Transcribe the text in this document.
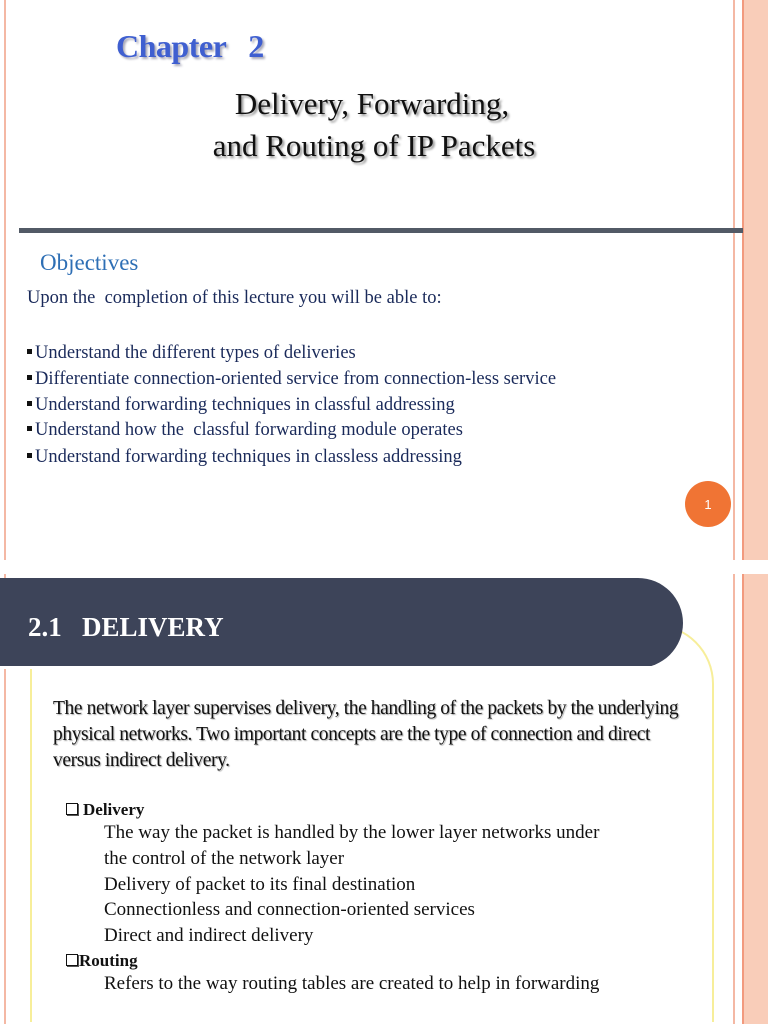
Chapter   2
Delivery, Forwarding,
and Routing of IP Packets
Objectives
Upon the  completion of this lecture you will be able to:
Understand the different types of deliveries
Differentiate connection-oriented service from connection-less service
Understand forwarding techniques in classful addressing
Understand how the  classful forwarding module operates
Understand forwarding techniques in classless addressing
1
2.1   DELIVERY
The network layer supervises delivery, the handling of the packets by the underlying physical networks. Two important concepts are the type of connection and direct versus indirect delivery.
Delivery
The way the packet is handled by the lower layer networks under
the control of the network layer
Delivery of packet to its final destination
Connectionless and connection-oriented services
Direct and indirect delivery
Routing
Refers to the way routing tables are created to help in forwarding
